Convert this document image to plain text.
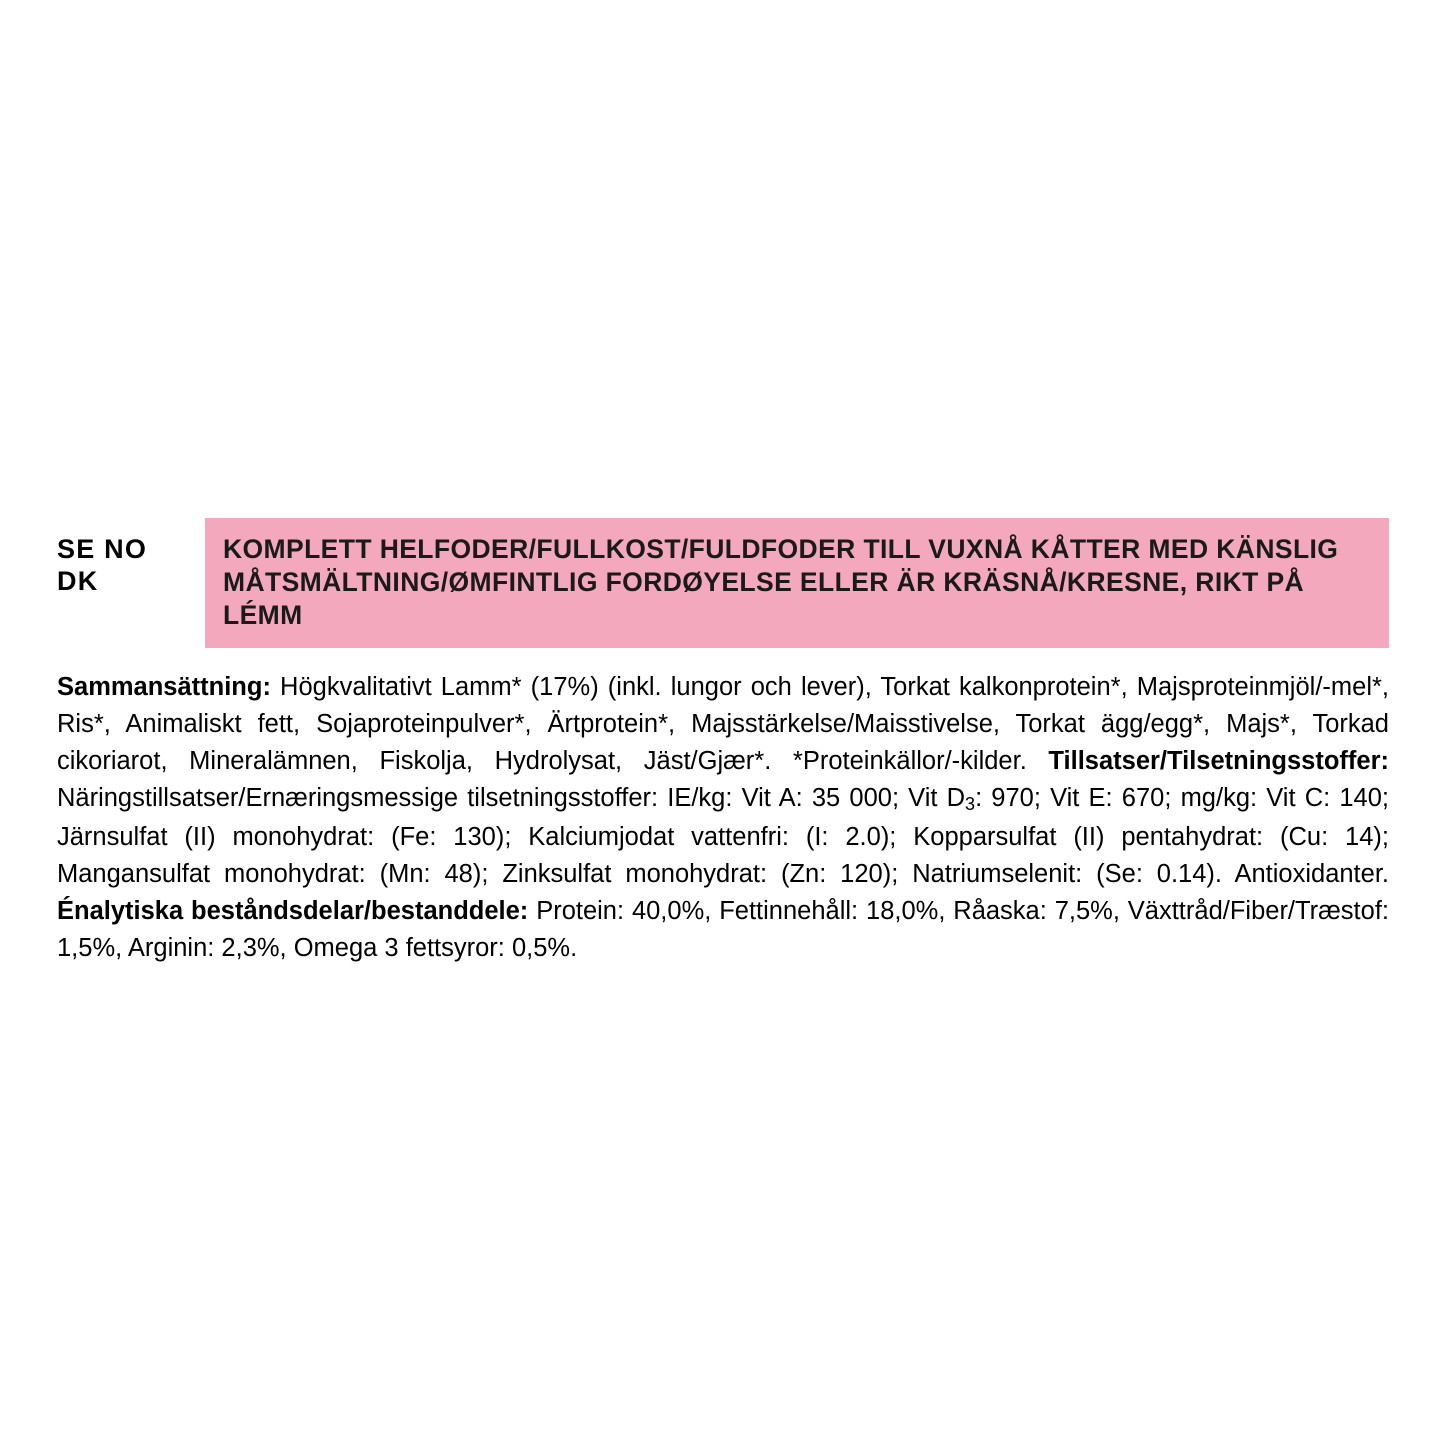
SE NO
DK
KOMPLETT HELFODER/FULLKOST/FULDFODER TILL VUXNÅ KÅTTER MED KÄNSLIG MÅTSMÄLTNING/ØMFINTLIG FORDØYELSE ELLER ÄR KRÄSNÅ/KRESNE, RIKT PÅ LÉMM
Sammansättning: Högkvalitativt Lamm* (17%) (inkl. lungor och lever), Torkat kalkonprotein*, Majsproteinmjöl/-mel*, Ris*, Animaliskt fett, Sojaproteinpulver*, Ärtprotein*, Majsstärkelse/Maisstivelse, Torkat ägg/egg*, Majs*, Torkad cikoriarot, Mineralämnen, Fiskolja, Hydrolysat, Jäst/Gjær*. *Proteinkällor/-kilder. Tillsatser/Tilsetningsstoffer: Näringstillsatser/Ernæringsmessige tilsetningsstoffer: IE/kg: Vit A: 35 000; Vit $D_3$: 970; Vit E: 670; mg/kg: Vit C: 140; Järnsulfat (II) monohydrat: (Fe: 130); Kalciumjodat vattenfri: (I: 2.0); Kopparsulfat (II) pentahydrat: (Cu: 14); Mangansulfat monohydrat: (Mn: 48); Zinksulfat monohydrat: (Zn: 120); Natriumselenit: (Se: 0.14). Antioxidanter. Énalytiska beståndsdelar/bestanddele: Protein: 40,0%, Fettinnehåll: 18,0%, Råaska: 7,5%, Växttråd/Fiber/Træstof: 1,5%, Arginin: 2,3%, Omega 3 fettsyror: 0,5%.
